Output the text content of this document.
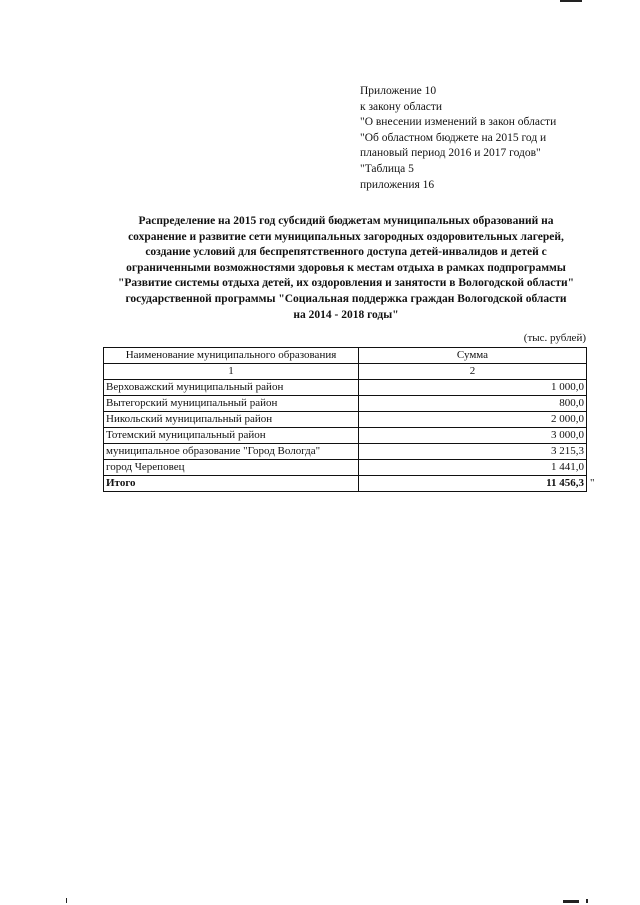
Приложение 10
к закону области
"О внесении изменений в закон области
"Об областном бюджете на 2015 год и
плановый период 2016 и 2017 годов"
"Таблица 5
приложения 16
Распределение на 2015 год субсидий бюджетам муниципальных образований на
сохранение и развитие сети муниципальных загородных оздоровительных лагерей,
создание условий для беспрепятственного доступа детей-инвалидов и детей с
ограниченными возможностями здоровья к местам отдыха в рамках подпрограммы
"Развитие системы отдыха детей, их оздоровления и занятости в Вологодской области"
государственной программы "Социальная поддержка граждан Вологодской области
на 2014 - 2018 годы"
(тыс. рублей)
Наименование муниципального образования	Сумма
1	2
Верховажский муниципальный район	1 000,0
Вытегорский муниципальный район	800,0
Никольский муниципальный район	2 000,0
Тотемский муниципальный район	3 000,0
муниципальное образование "Город Вологда"	3 215,3
город Череповец	1 441,0
Итого	11 456,3 "
